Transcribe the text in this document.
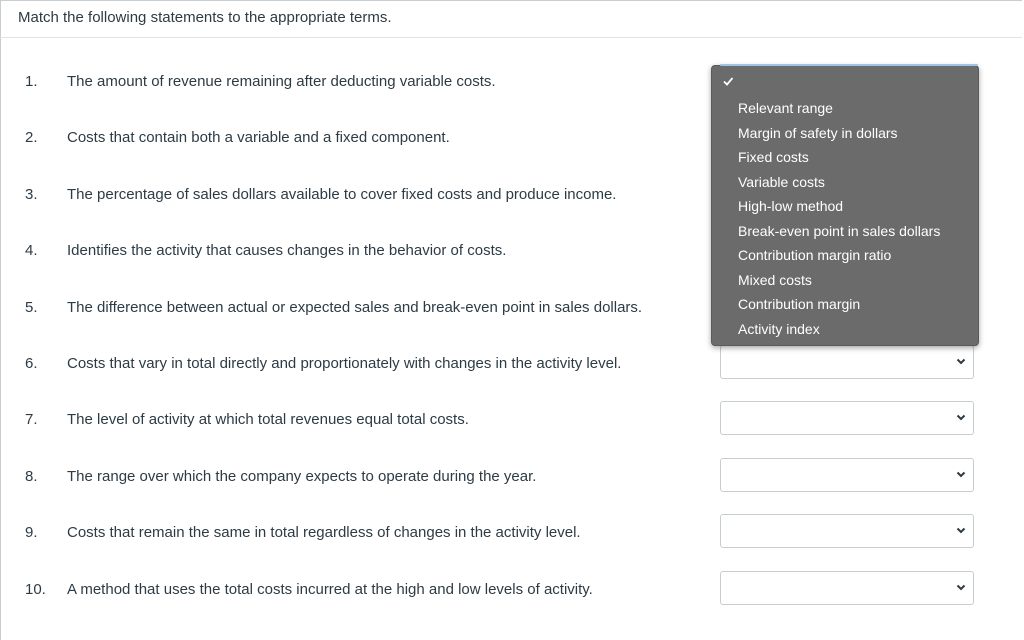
Match the following statements to the appropriate terms.
1. The amount of revenue remaining after deducting variable costs.
2. Costs that contain both a variable and a fixed component.
3. The percentage of sales dollars available to cover fixed costs and produce income.
4. Identifies the activity that causes changes in the behavior of costs.
5. The difference between actual or expected sales and break-even point in sales dollars.
6. Costs that vary in total directly and proportionately with changes in the activity level.
7. The level of activity at which total revenues equal total costs.
8. The range over which the company expects to operate during the year.
9. Costs that remain the same in total regardless of changes in the activity level.
10. A method that uses the total costs incurred at the high and low levels of activity.
Relevant range
Margin of safety in dollars
Fixed costs
Variable costs
High-low method
Break-even point in sales dollars
Contribution margin ratio
Mixed costs
Contribution margin
Activity index
